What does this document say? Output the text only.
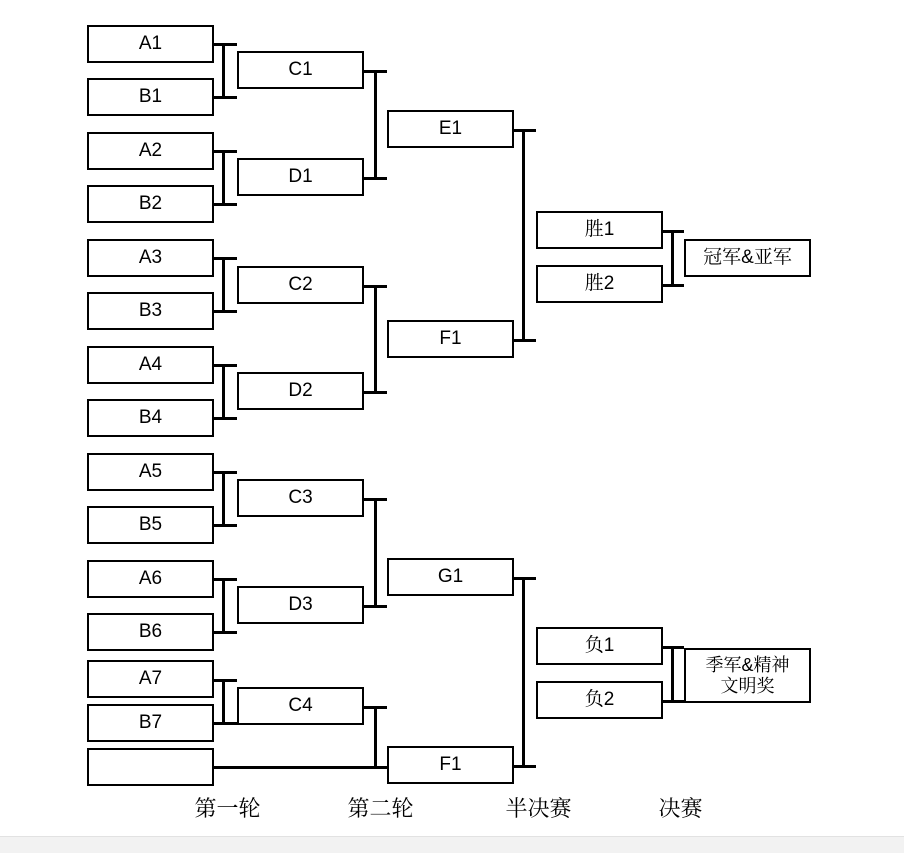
A1
B1
A2
B2
A3
B3
A4
B4
A5
B5
A6
B6
A7
B7
C1
D1
C2
D2
C3
D3
C4
E1
F1
G1
F1
胜1
胜2
负1
负2
冠军&亚军
季军&精神
文明奖
第一轮	第二轮	半决赛	决赛
